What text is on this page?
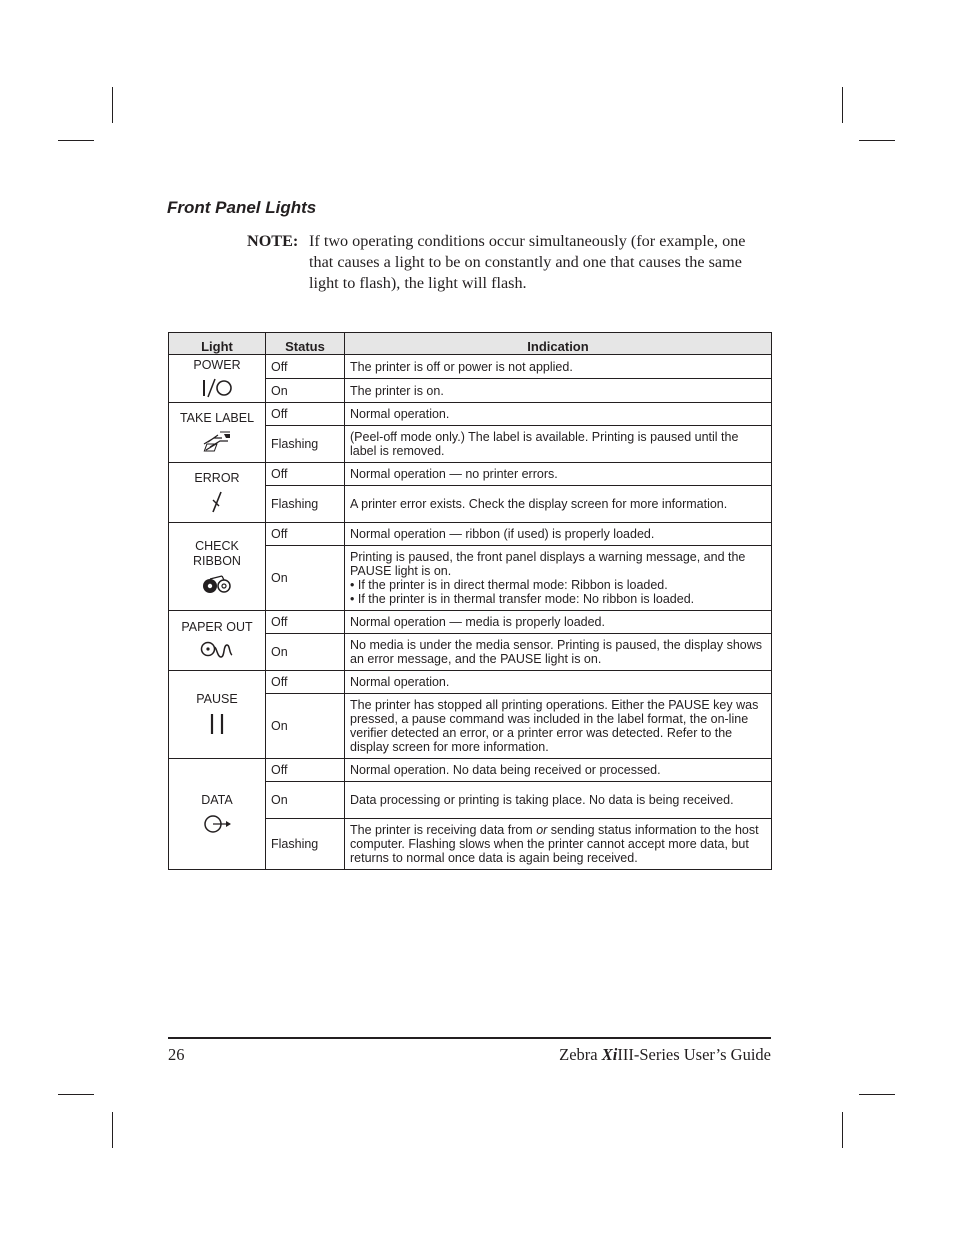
Front Panel Lights
NOTE: If two operating conditions occur simultaneously (for example, one that causes a light to be on constantly and one that causes the same light to flash), the light will flash.
Light	Status	Indication

POWER	Off	The printer is off or power is not applied.
	On	The printer is on.

TAKE LABEL	Off	Normal operation.
	Flashing	(Peel-off mode only.) The label is available. Printing is paused until the label is removed.

ERROR	Off	Normal operation — no printer errors.
	Flashing	A printer error exists. Check the display screen for more information.

CHECK
RIBBON	Off	Normal operation — ribbon (if used) is properly loaded.
	On	Printing is paused, the front panel displays a warning message, and the PAUSE light is on.
• If the printer is in direct thermal mode: Ribbon is loaded.
• If the printer is in thermal transfer mode: No ribbon is loaded.

PAPER OUT	Off	Normal operation — media is properly loaded.
	On	No media is under the media sensor. Printing is paused, the display shows an error message, and the PAUSE light is on.

PAUSE	Off	Normal operation.
	On	The printer has stopped all printing operations. Either the PAUSE key was pressed, a pause command was included in the label format, the on-line verifier detected an error, or a printer error was detected. Refer to the display screen for more information.

DATA	Off	Normal operation. No data being received or processed.
	On	Data processing or printing is taking place. No data is being received.
	Flashing	The printer is receiving data from or sending status information to the host computer. Flashing slows when the printer cannot accept more data, but returns to normal once data is again being received.
26	Zebra XiIII-Series User’s Guide
